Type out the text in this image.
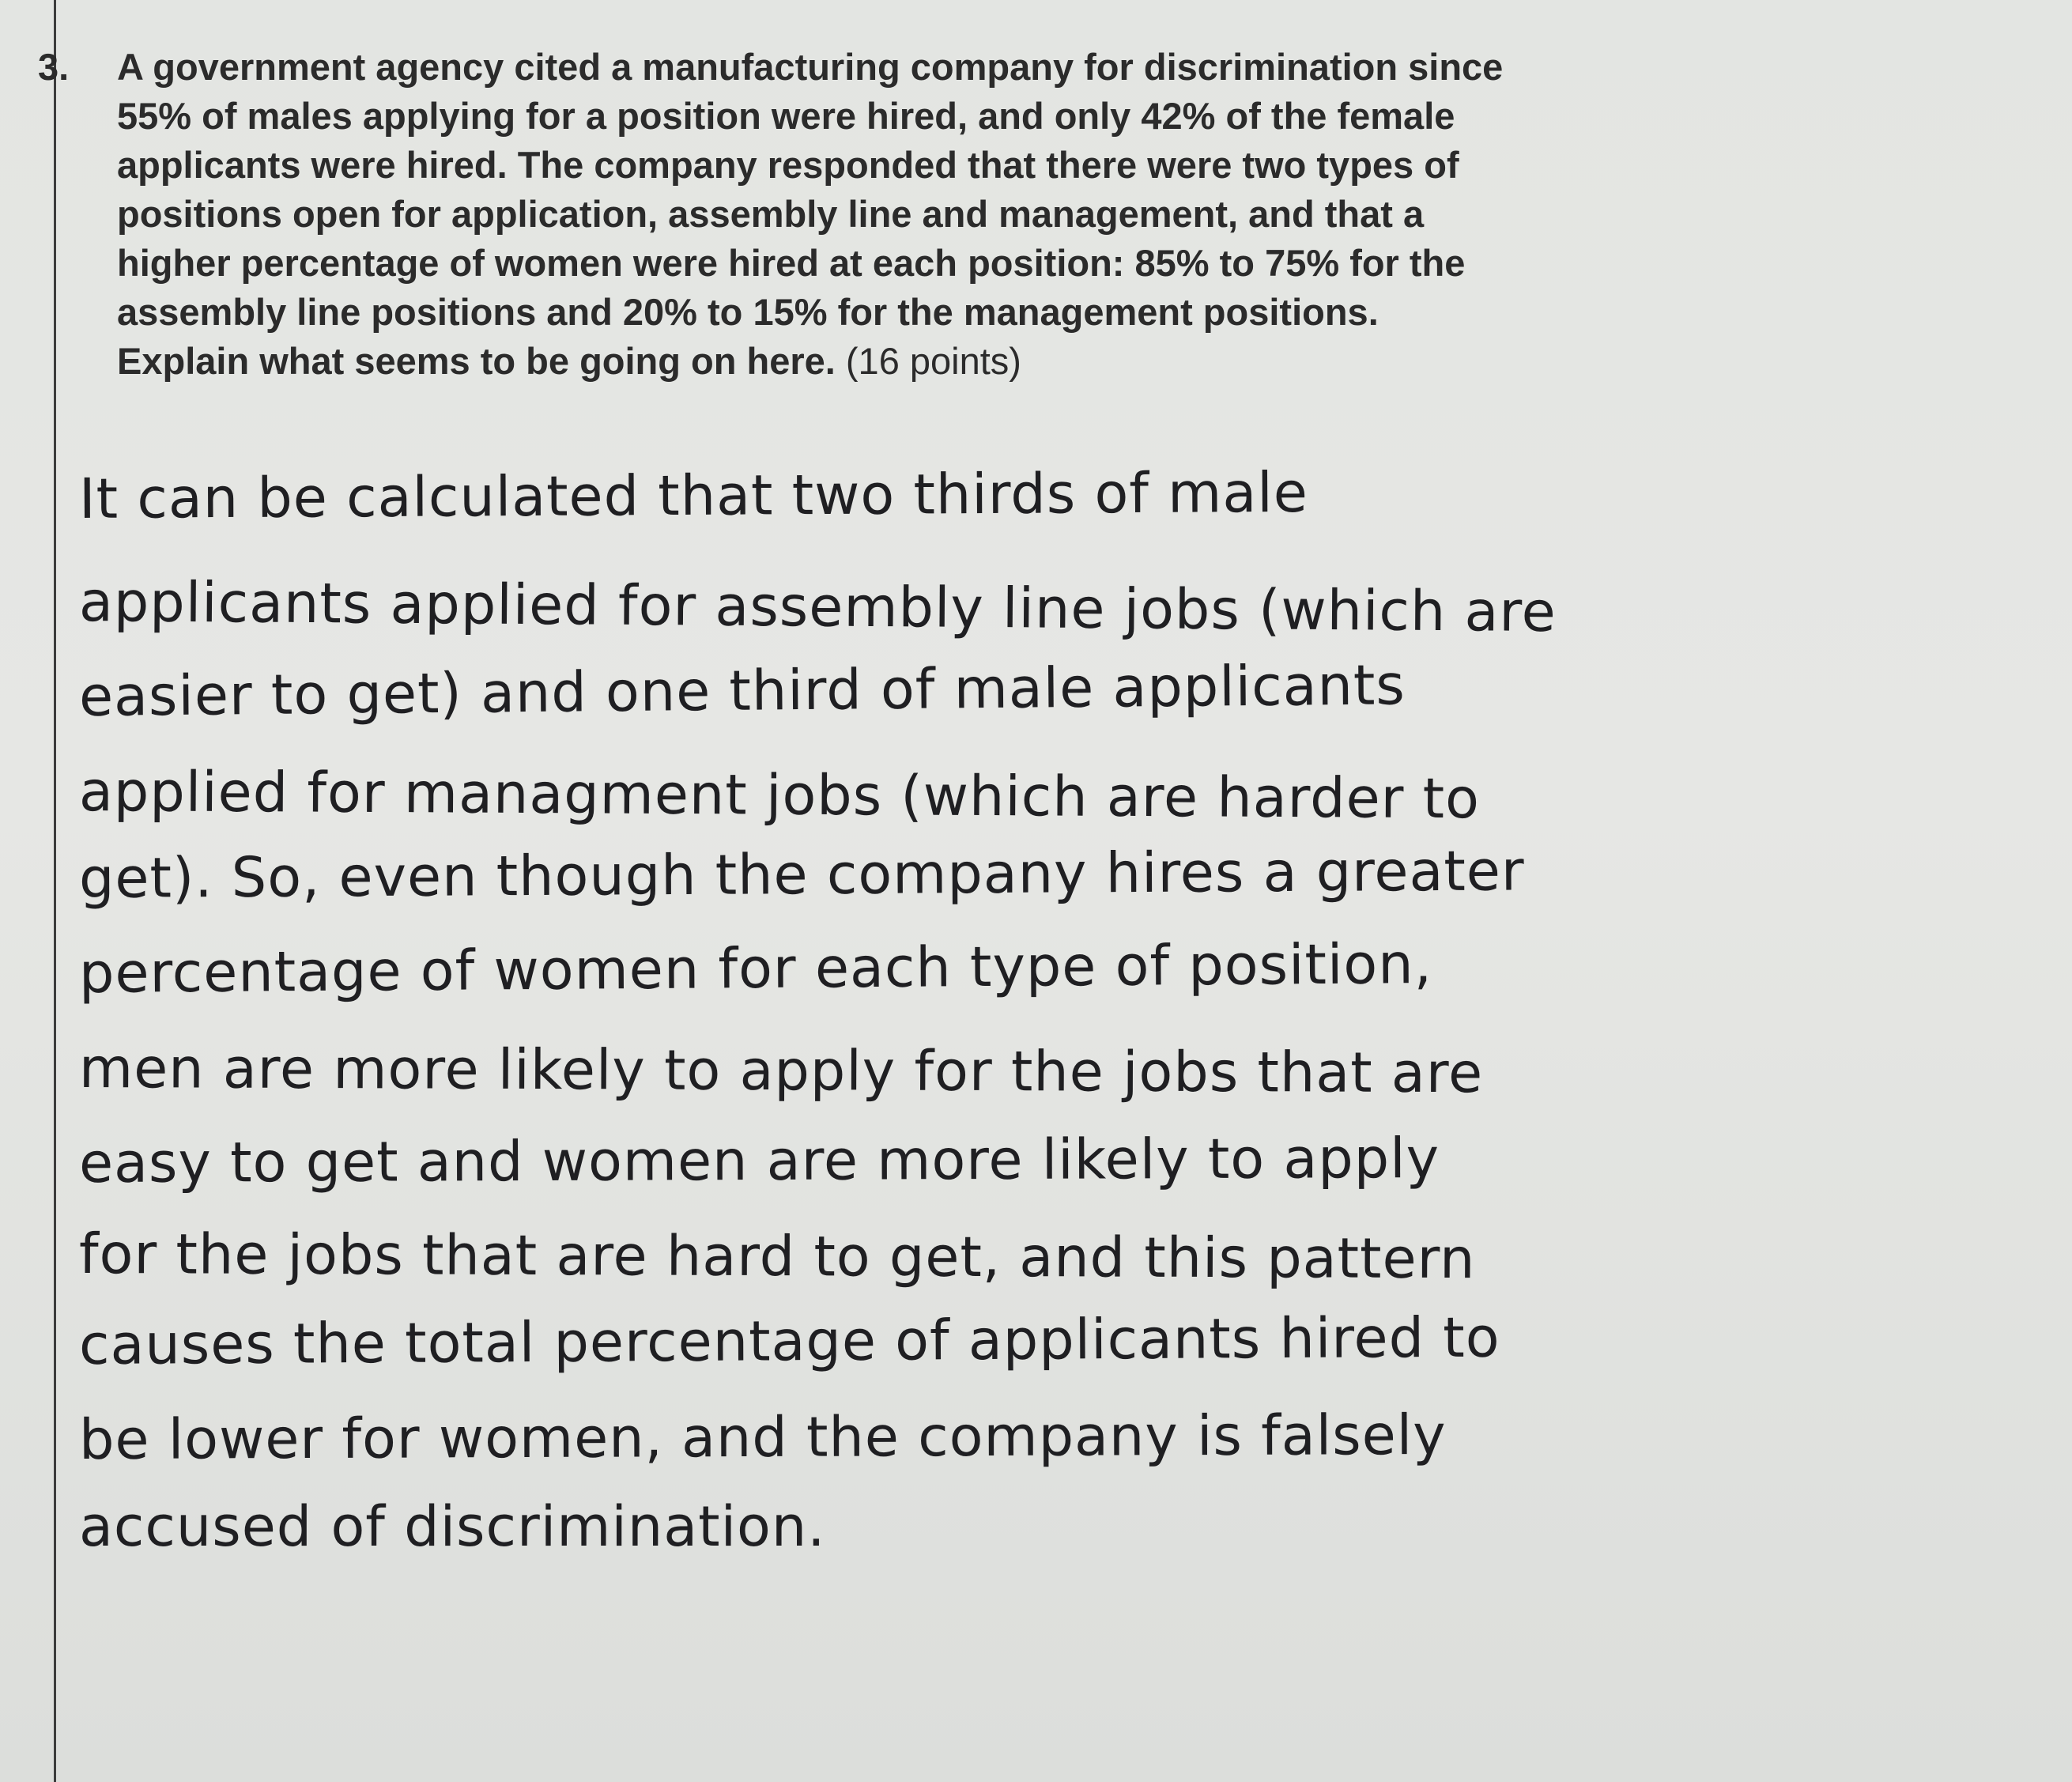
3. A government agency cited a manufacturing company for discrimination since
55% of males applying for a position were hired, and only 42% of the female
applicants were hired. The company responded that there were two types of
positions open for application, assembly line and management, and that a
higher percentage of women were hired at each position: 85% to 75% for the
assembly line positions and 20% to 15% for the management positions.
Explain what seems to be going on here. (16 points)
It can be calculated that two thirds of male
applicants applied for assembly line jobs (which are
easier to get) and one third of male applicants
applied for managment jobs (which are harder to
get). So, even though the company hires a greater
percentage of women for each type of position,
men are more likely to apply for the jobs that are
easy to get and women are more likely to apply
for the jobs that are hard to get, and this pattern
causes the total percentage of applicants hired to
be lower for women, and the company is falsely
accused of discrimination.
